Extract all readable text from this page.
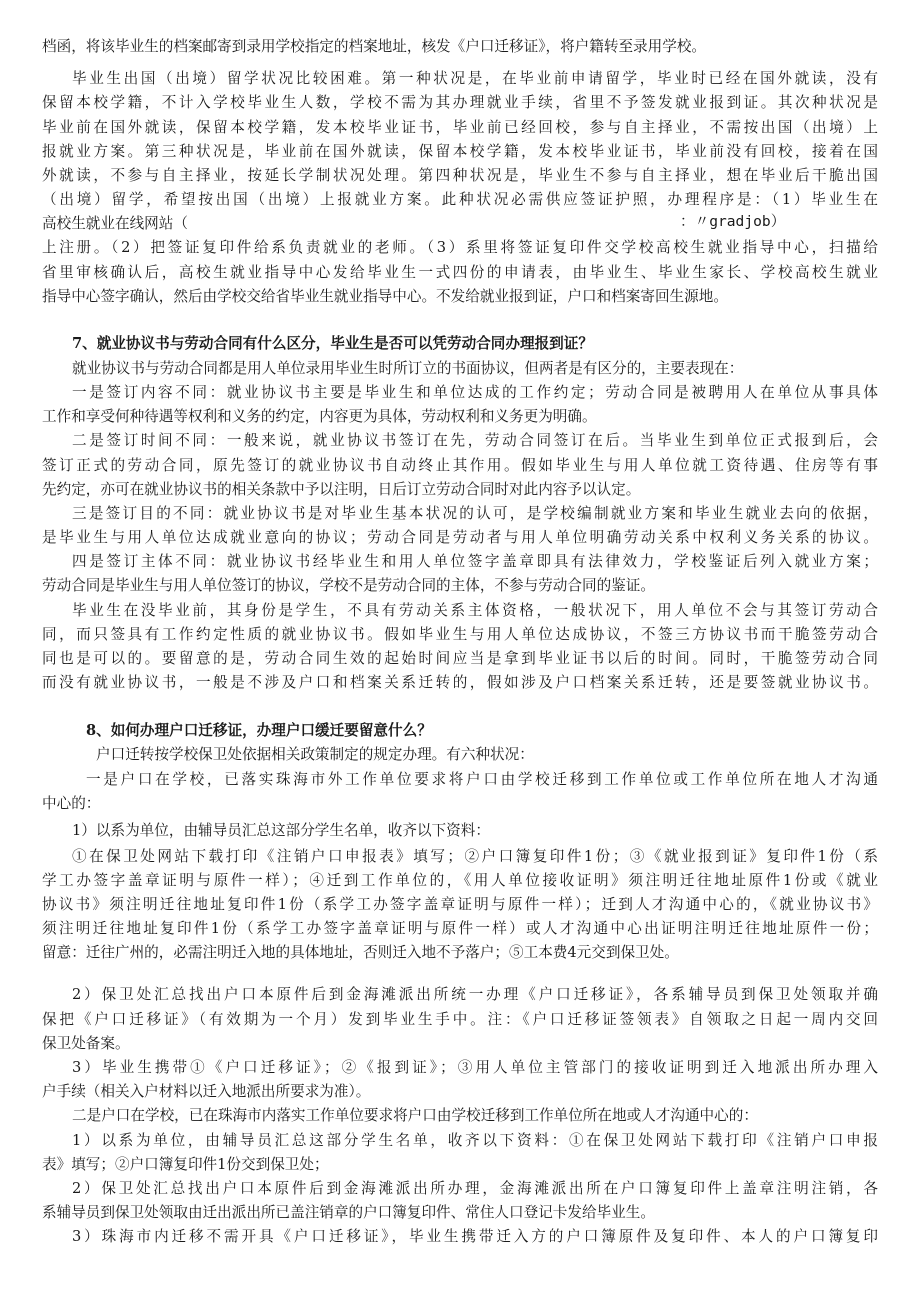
档函，将该毕业生的档案邮寄到录用学校指定的档案地址，核发《户口迁移证》，将户籍转至录用学校。
毕业生出国（出境）留学状况比较困难。第一种状况是，在毕业前申请留学，毕业时已经在国外就读，没有
保留本校学籍，不计入学校毕业生人数，学校不需为其办理就业手续，省里不予签发就业报到证。其次种状况是
毕业前在国外就读，保留本校学籍，发本校毕业证书，毕业前已经回校，参与自主择业，不需按出国（出境）上
报就业方案。第三种状况是，毕业前在国外就读，保留本校学籍，发本校毕业证书，毕业前没有回校，接着在国
外就读，不参与自主择业，按延长学制状况处理。第四种状况是，毕业生不参与自主择业，想在毕业后干脆出国
（出境）留学，希望按出国（出境）上报就业方案。此种状况必需供应签证护照，办理程序是：（1）毕业生在
高校生就业在线网站（	：〃gradjob）
上注册。（2）把签证复印件给系负责就业的老师。（3）系里将签证复印件交学校高校生就业指导中心，扫描给
省里审核确认后，高校生就业指导中心发给毕业生一式四份的申请表，由毕业生、毕业生家长、学校高校生就业
指导中心签字确认，然后由学校交给省毕业生就业指导中心。不发给就业报到证，户口和档案寄回生源地。
7、就业协议书与劳动合同有什么区分，毕业生是否可以凭劳动合同办理报到证？
就业协议书与劳动合同都是用人单位录用毕业生时所订立的书面协议，但两者是有区分的，主要表现在：
一是签订内容不同：就业协议书主要是毕业生和单位达成的工作约定；劳动合同是被聘用人在单位从事具体
工作和享受何种待遇等权利和义务的约定，内容更为具体，劳动权利和义务更为明确。
二是签订时间不同：一般来说，就业协议书签订在先，劳动合同签订在后。当毕业生到单位正式报到后，会
签订正式的劳动合同，原先签订的就业协议书自动终止其作用。假如毕业生与用人单位就工资待遇、住房等有事
先约定，亦可在就业协议书的相关条款中予以注明，日后订立劳动合同时对此内容予以认定。
三是签订目的不同：就业协议书是对毕业生基本状况的认可，是学校编制就业方案和毕业生就业去向的依据，
是毕业生与用人单位达成就业意向的协议；劳动合同是劳动者与用人单位明确劳动关系中权利义务关系的协议。
四是签订主体不同：就业协议书经毕业生和用人单位签字盖章即具有法律效力，学校鉴证后列入就业方案；
劳动合同是毕业生与用人单位签订的协议，学校不是劳动合同的主体，不参与劳动合同的鉴证。
毕业生在没毕业前，其身份是学生，不具有劳动关系主体资格，一般状况下，用人单位不会与其签订劳动合
同，而只签具有工作约定性质的就业协议书。假如毕业生与用人单位达成协议，不签三方协议书而干脆签劳动合
同也是可以的。要留意的是，劳动合同生效的起始时间应当是拿到毕业证书以后的时间。同时，干脆签劳动合同
而没有就业协议书，一般是不涉及户口和档案关系迁转的，假如涉及户口档案关系迁转，还是要签就业协议书。
8、如何办理户口迁移证，办理户口缓迁要留意什么？
户口迁转按学校保卫处依据相关政策制定的规定办理。有六种状况：
一是户口在学校，已落实珠海市外工作单位要求将户口由学校迁移到工作单位或工作单位所在地人才沟通
中心的：
1）以系为单位，由辅导员汇总这部分学生名单，收齐以下资料：
①在保卫处网站下载打印《注销户口申报表》填写；②户口簿复印件1份；③《就业报到证》复印件1份（系
学工办签字盖章证明与原件一样）；④迁到工作单位的，《用人单位接收证明》须注明迁往地址原件1份或《就业
协议书》须注明迁往地址复印件1份（系学工办签字盖章证明与原件一样）；迁到人才沟通中心的，《就业协议书》
须注明迁往地址复印件1份（系学工办签字盖章证明与原件一样）或人才沟通中心出证明注明迁往地址原件一份；
留意：迁往广州的，必需注明迁入地的具体地址，否则迁入地不予落户；⑤工本费4元交到保卫处。
2）保卫处汇总找出户口本原件后到金海滩派出所统一办理《户口迁移证》，各系辅导员到保卫处领取并确
保把《户口迁移证》（有效期为一个月）发到毕业生手中。注：《户口迁移证签领表》自领取之日起一周内交回
保卫处备案。
3）毕业生携带①《户口迁移证》；②《报到证》；③用人单位主管部门的接收证明到迁入地派出所办理入
户手续（相关入户材料以迁入地派出所要求为准）。
二是户口在学校，已在珠海市内落实工作单位要求将户口由学校迁移到工作单位所在地或人才沟通中心的：
1）以系为单位，由辅导员汇总这部分学生名单，收齐以下资料：①在保卫处网站下载打印《注销户口申报
表》填写；②户口簿复印件1份交到保卫处；
2）保卫处汇总找出户口本原件后到金海滩派出所办理，金海滩派出所在户口簿复印件上盖章注明注销，各
系辅导员到保卫处领取由迁出派出所已盖注销章的户口簿复印件、常住人口登记卡发给毕业生。
3）珠海市内迁移不需开具《户口迁移证》，毕业生携带迁入方的户口簿原件及复印件、本人的户口簿复印
